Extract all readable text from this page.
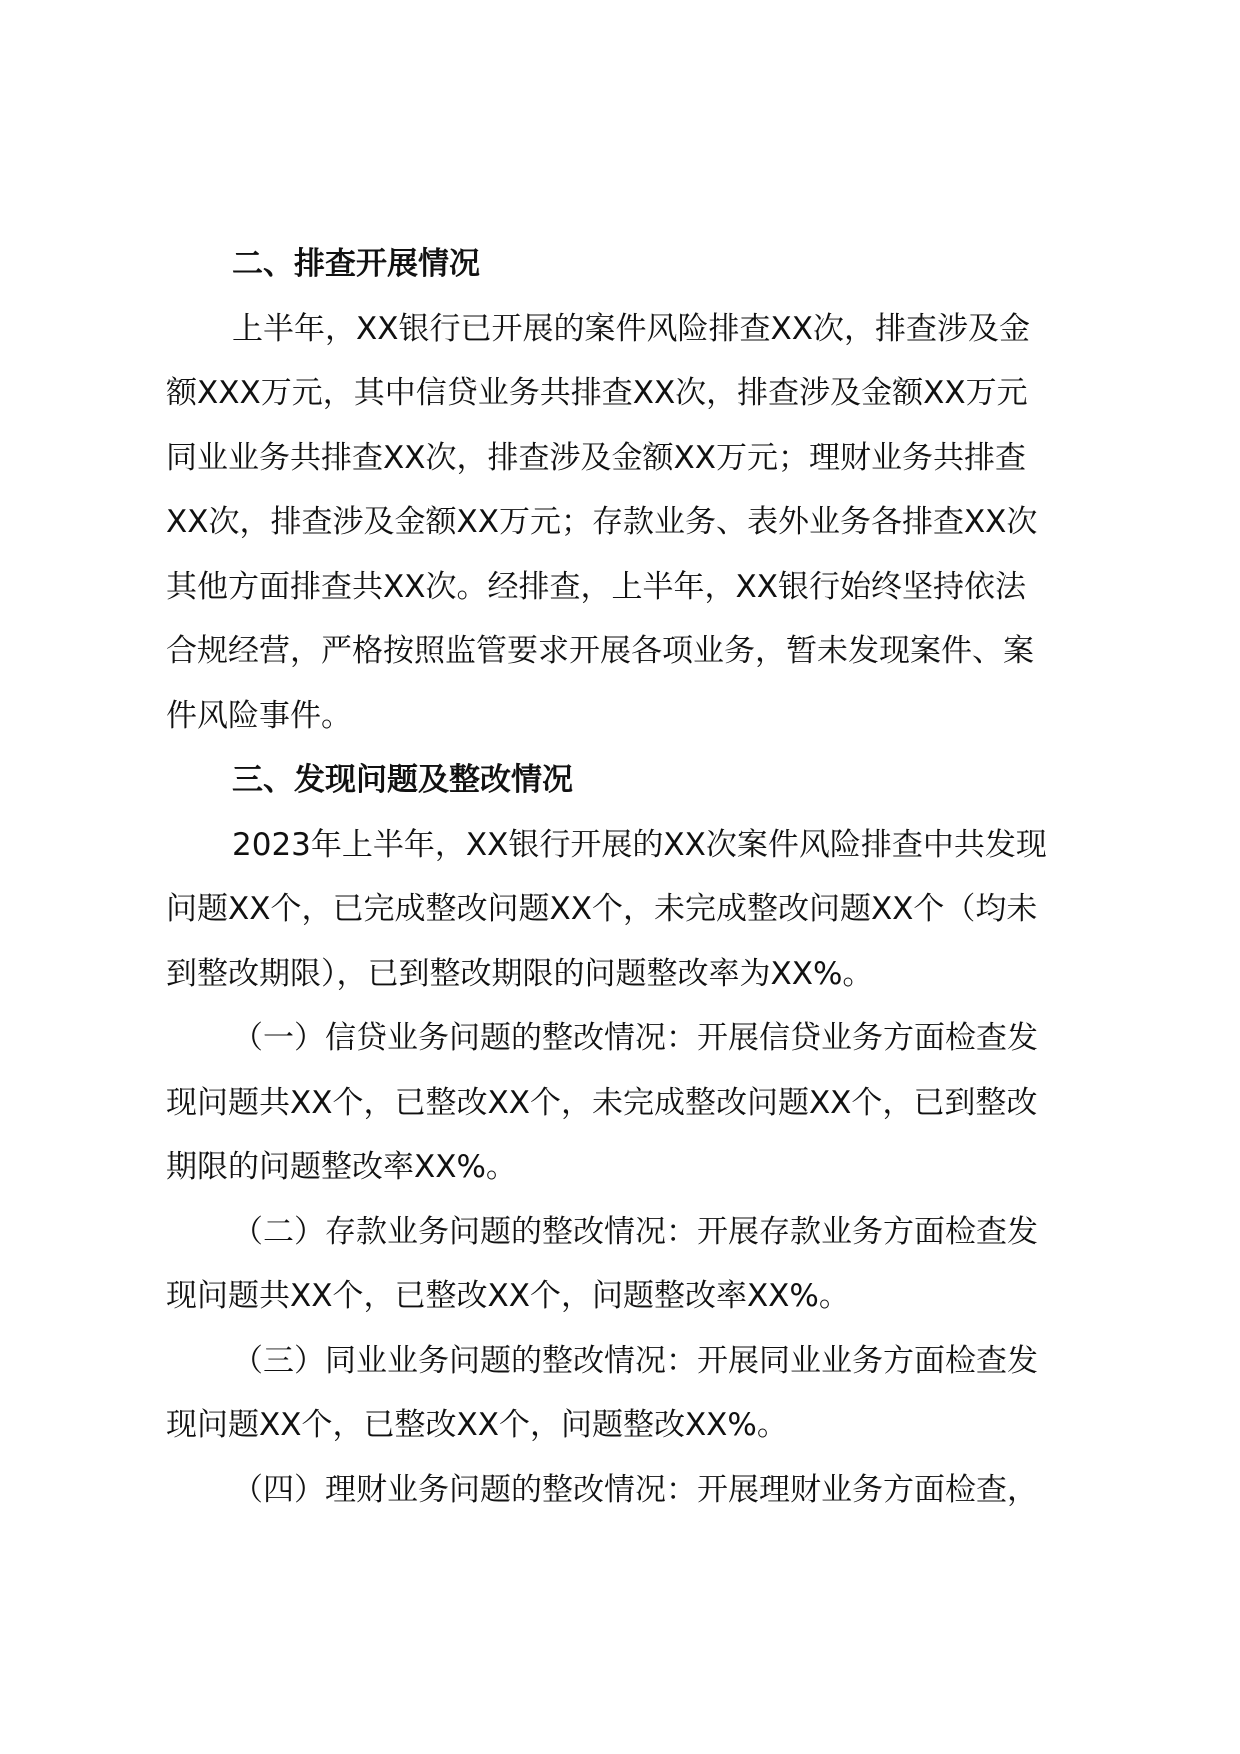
二、排查开展情况
上半年，XX银行已开展的案件风险排查XX次，排查涉及金
额XXX万元，其中信贷业务共排查XX次，排查涉及金额XX万元
同业业务共排查XX次，排查涉及金额XX万元；理财业务共排查
XX次，排查涉及金额XX万元；存款业务、表外业务各排查XX次
其他方面排查共XX次。经排查，上半年，XX银行始终坚持依法
合规经营，严格按照监管要求开展各项业务，暂未发现案件、案
件风险事件。
三、发现问题及整改情况
2023年上半年，XX银行开展的XX次案件风险排查中共发现
问题XX个，已完成整改问题XX个，未完成整改问题XX个（均未
到整改期限），已到整改期限的问题整改率为XX%。
（一）信贷业务问题的整改情况：开展信贷业务方面检查发
现问题共XX个，已整改XX个，未完成整改问题XX个，已到整改
期限的问题整改率XX%。
（二）存款业务问题的整改情况：开展存款业务方面检查发
现问题共XX个，已整改XX个，问题整改率XX%。
（三）同业业务问题的整改情况：开展同业业务方面检查发
现问题XX个，已整改XX个，问题整改XX%。
（四）理财业务问题的整改情况：开展理财业务方面检查，
